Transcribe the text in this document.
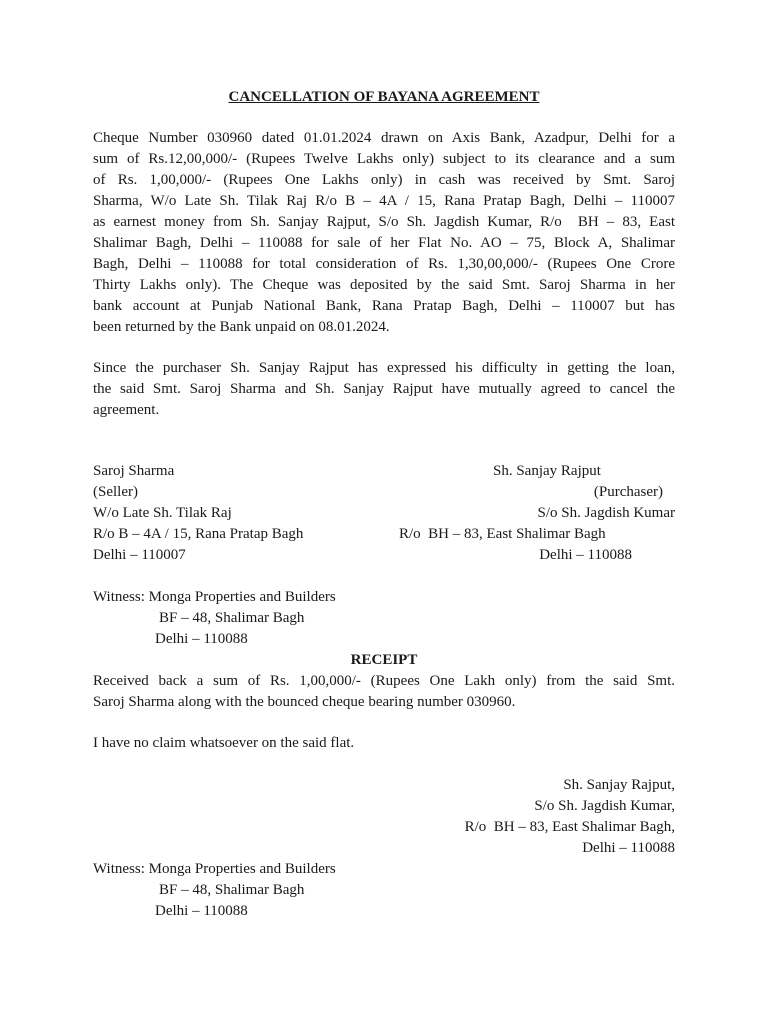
CANCELLATION OF BAYANA AGREEMENT
Cheque Number 030960 dated 01.01.2024 drawn on Axis Bank, Azadpur, Delhi for a
sum of Rs.12,00,000/- (Rupees Twelve Lakhs only) subject to its clearance and a sum
of Rs. 1,00,000/- (Rupees One Lakhs only) in cash was received by Smt. Saroj
Sharma, W/o Late Sh. Tilak Raj R/o B – 4A / 15, Rana Pratap Bagh, Delhi – 110007
as earnest money from Sh. Sanjay Rajput, S/o Sh. Jagdish Kumar, R/o  BH – 83, East
Shalimar Bagh, Delhi – 110088 for sale of her Flat No. AO – 75, Block A, Shalimar
Bagh, Delhi – 110088 for total consideration of Rs. 1,30,00,000/- (Rupees One Crore
Thirty Lakhs only). The Cheque was deposited by the said Smt. Saroj Sharma in her
bank account at Punjab National Bank, Rana Pratap Bagh, Delhi – 110007 but has
been returned by the Bank unpaid on 08.01.2024.
Since the purchaser Sh. Sanjay Rajput has expressed his difficulty in getting the loan,
the said Smt. Saroj Sharma and Sh. Sanjay Rajput have mutually agreed to cancel the
agreement.
Saroj Sharma
(Seller)
W/o Late Sh. Tilak Raj
R/o B – 4A / 15, Rana Pratap Bagh
Delhi – 110007
Sh. Sanjay Rajput
(Purchaser)
S/o Sh. Jagdish Kumar
R/o  BH – 83, East Shalimar Bagh
Delhi – 110088
Witness: Monga Properties and Builders
BF – 48, Shalimar Bagh
Delhi – 110088
RECEIPT
Received back a sum of Rs. 1,00,000/- (Rupees One Lakh only) from the said Smt.
Saroj Sharma along with the bounced cheque bearing number 030960.
I have no claim whatsoever on the said flat.
Sh. Sanjay Rajput,
S/o Sh. Jagdish Kumar,
R/o  BH – 83, East Shalimar Bagh,
Delhi – 110088
Witness: Monga Properties and Builders
BF – 48, Shalimar Bagh
Delhi – 110088
